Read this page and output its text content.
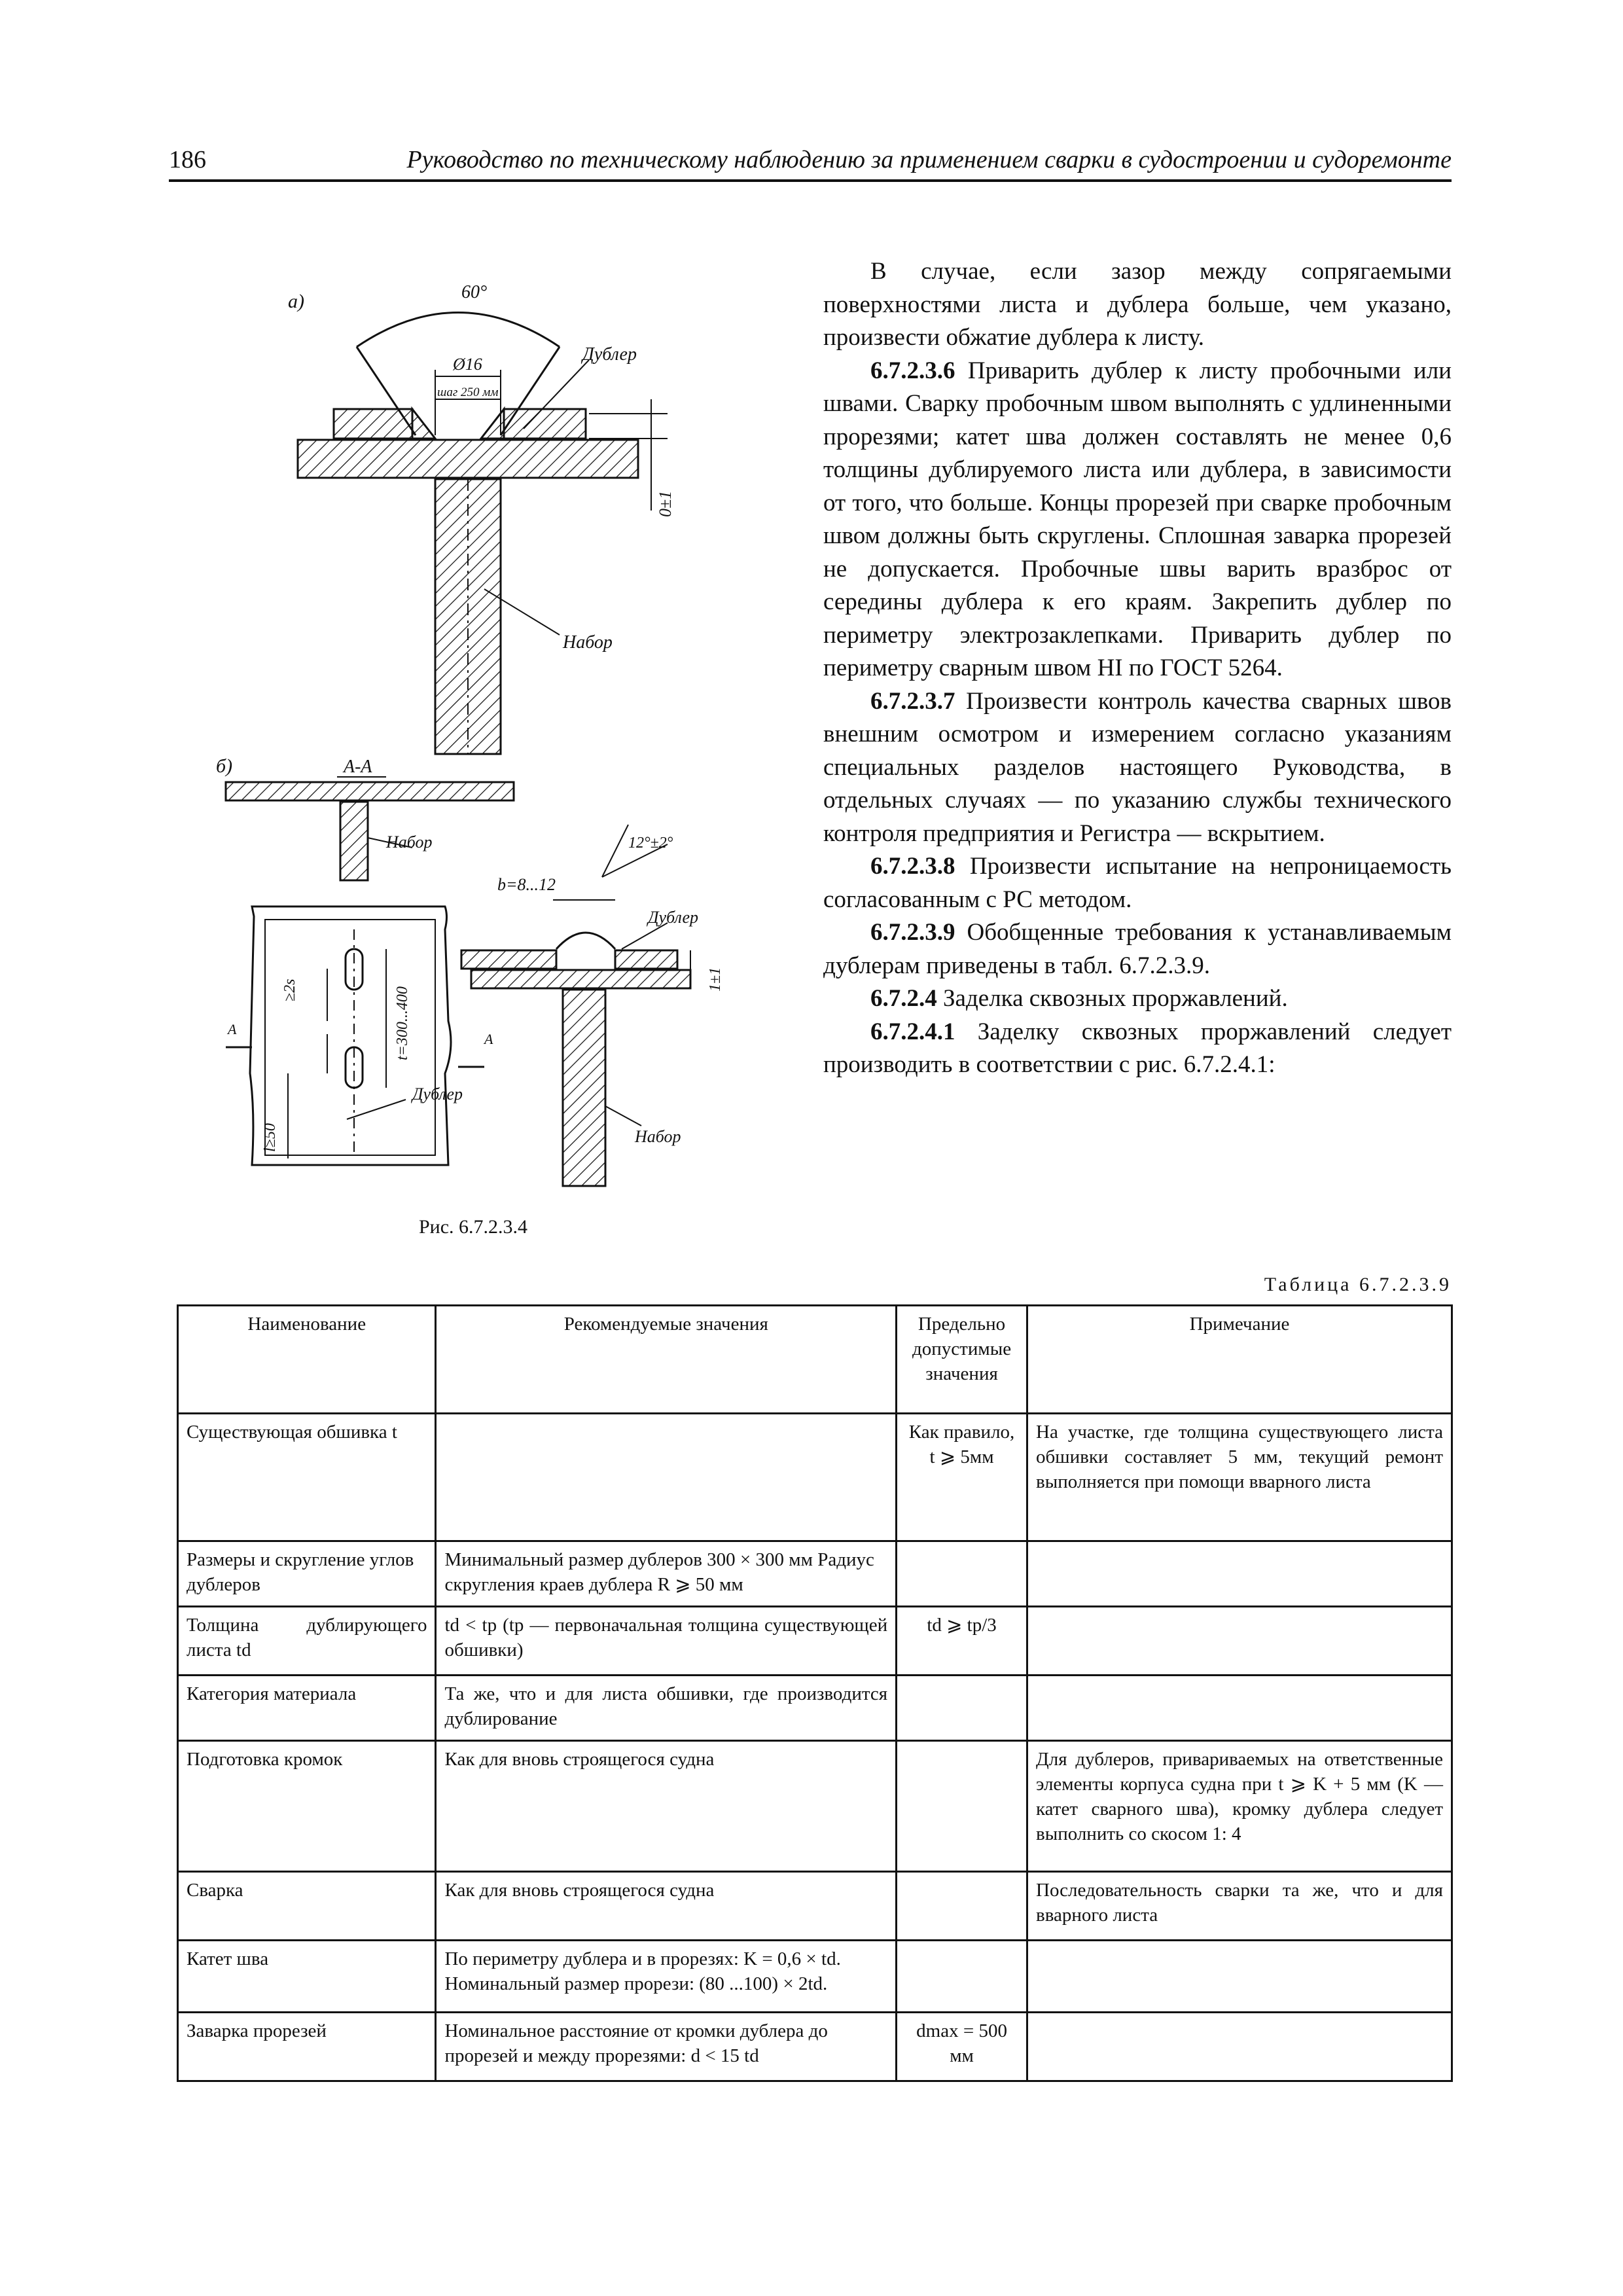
186	Руководство по техническому наблюдению за применением сварки в судостроении и судоремонте
а)	60°
Ø16
шаг 250 мм
Дублер
0±1
Набор
б)	А-А
Набор
≥2s	t=300...400
l≥50
А
А
Дублер
12°±2°
b=8...12
Дублер
1±1
Набор
Рис. 6.7.2.3.4

В случае, если зазор между сопрягаемыми поверхностями листа и дублера больше, чем указано, произвести обжатие дублера к листу.

6.7.2.3.6 Приварить дублер к листу пробочными или швами. Сварку пробочным швом выполнять с удлиненными прорезями; катет шва должен составлять не менее 0,6 толщины дублируемого листа или дублера, в зависимости от того, что больше. Концы прорезей при сварке пробочным швом должны быть скруглены. Сплошная заварка прорезей не допускается. Пробочные швы варить вразброс от середины дублера к его краям. Закрепить дублер по периметру электрозаклепками. Приварить дублер по периметру сварным швом HI по ГОСТ 5264.

6.7.2.3.7 Произвести контроль качества сварных швов внешним осмотром и измерением согласно указаниям специальных разделов настоящего Руководства, в отдельных случаях — по указанию службы технического контроля предприятия и Регистра — вскрытием.

6.7.2.3.8 Произвести испытание на непроницаемость согласованным с РС методом.

6.7.2.3.9 Обобщенные требования к устанавливаемым дублерам приведены в табл. 6.7.2.3.9.

6.7.2.4 Заделка сквозных проржавлений.

6.7.2.4.1 Заделку сквозных проржавлений следует производить в соответствии с рис. 6.7.2.4.1:

Таблица 6.7.2.3.9
Наименование	Рекомендуемые значения	Предельно допустимые значения	Примечание
Существующая обшивка t		Как правило, t ⩾ 5мм	На участке, где толщина существующего листа обшивки составляет 5 мм, текущий ремонт выполняется при помощи вварного листа
Размеры и скругление углов дублеров	Минимальный размер дублеров 300 × 300 мм Радиус скругления краев дублера R ⩾ 50 мм		
Толщина дублирующего листа td	td < tp (tp — первоначальная толщина существующей обшивки)	td ⩾ tp/3	
Категория материала	Та же, что и для листа обшивки, где производится дублирование		
Подготовка кромок	Как для вновь строящегося судна		Для дублеров, привариваемых на ответственные элементы корпуса судна при t ⩾ K + 5 мм (K — катет сварного шва), кромку дублера следует выполнить со скосом 1: 4
Сварка	Как для вновь строящегося судна		Последовательность сварки та же, что и для вварного листа
Катет шва	По периметру дублера и в прорезях: K = 0,6 × td. Номинальный размер прорези: (80 ...100) × 2td.		
Заварка прорезей	Номинальное расстояние от кромки дублера до прорезей и между прорезями: d < 15 td	dmax = 500 мм	
